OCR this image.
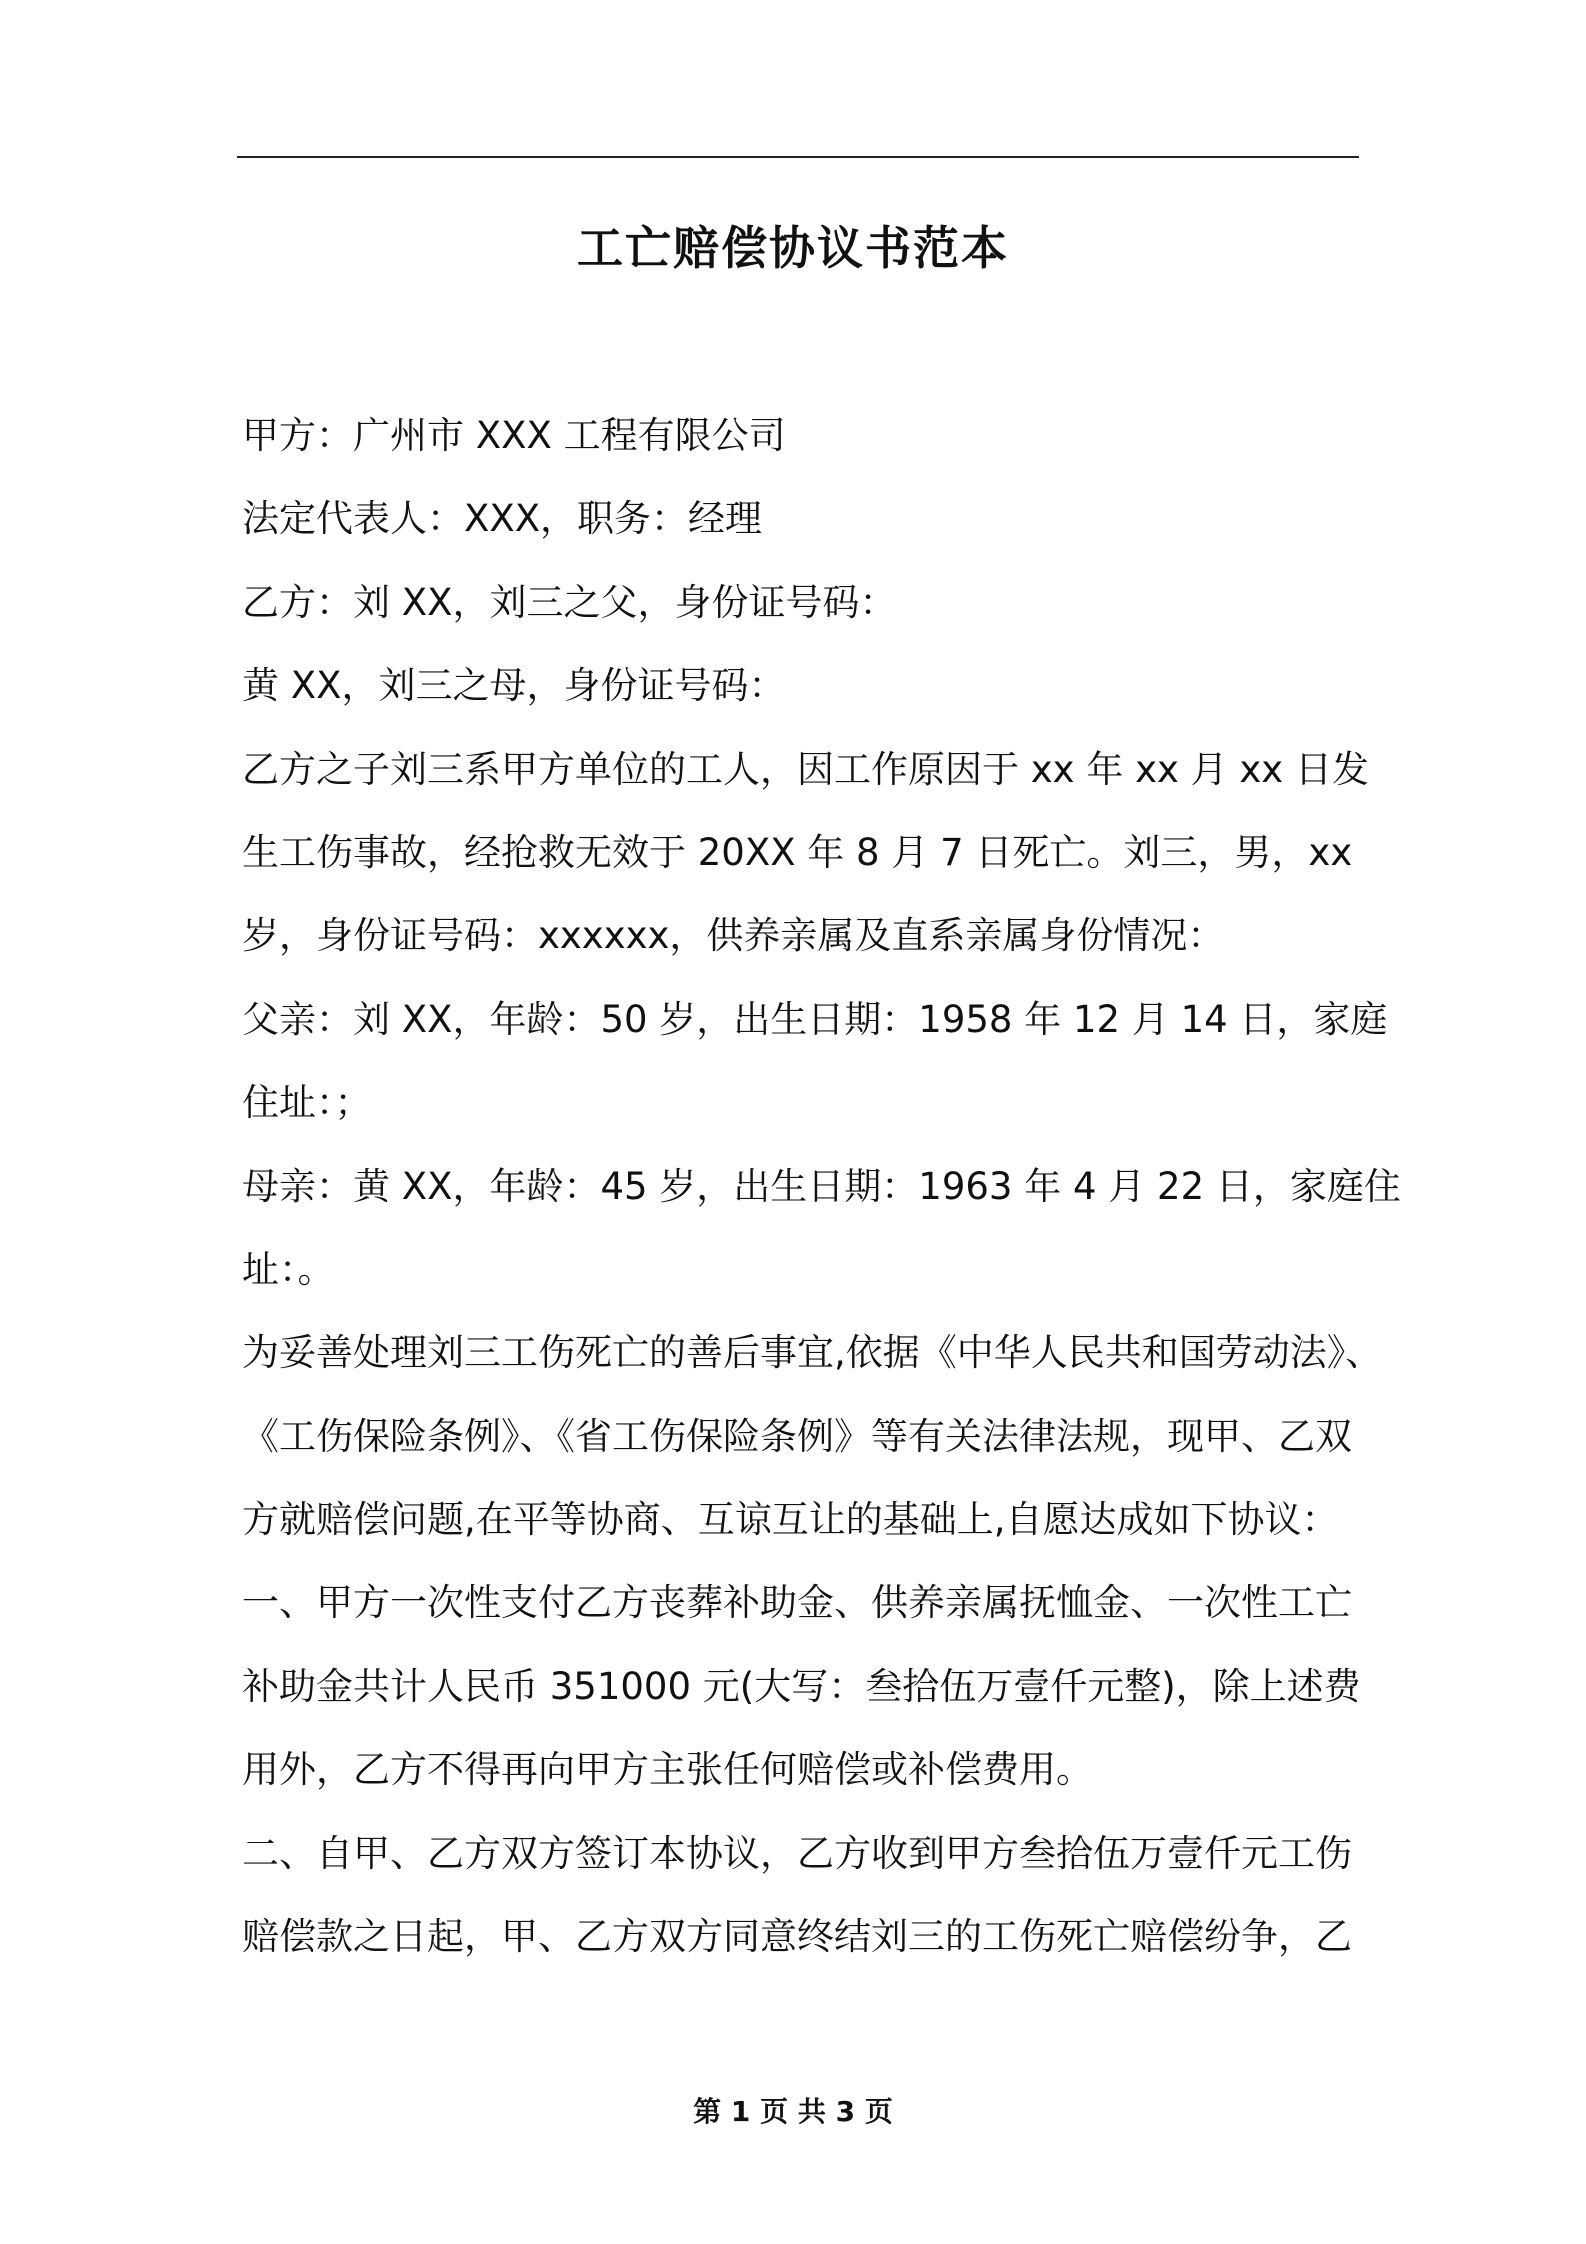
工亡赔偿协议书范本
甲方：广州市 XXX 工程有限公司
法定代表人：XXX，职务：经理
乙方：刘 XX，刘三之父，身份证号码：
黄 XX，刘三之母，身份证号码：
乙方之子刘三系甲方单位的工人，因工作原因于 xx 年 xx 月 xx 日发
生工伤事故，经抢救无效于 20XX 年 8 月 7 日死亡。刘三，男，xx
岁，身份证号码：xxxxxx，供养亲属及直系亲属身份情况：
父亲：刘 XX，年龄：50 岁，出生日期：1958 年 12 月 14 日，家庭
住址：；
母亲：黄 XX，年龄：45 岁，出生日期：1963 年 4 月 22 日，家庭住
址：。
为妥善处理刘三工伤死亡的善后事宜,依据《中华人民共和国劳动法》、
《工伤保险条例》、《省工伤保险条例》等有关法律法规，现甲、乙双
方就赔偿问题,在平等协商、互谅互让的基础上,自愿达成如下协议：
一、甲方一次性支付乙方丧葬补助金、供养亲属抚恤金、一次性工亡
补助金共计人民币 351000 元(大写：叁拾伍万壹仟元整)，除上述费
用外，乙方不得再向甲方主张任何赔偿或补偿费用。
二、自甲、乙方双方签订本协议，乙方收到甲方叁拾伍万壹仟元工伤
赔偿款之日起，甲、乙方双方同意终结刘三的工伤死亡赔偿纷争，乙
第 1 页 共 3 页
